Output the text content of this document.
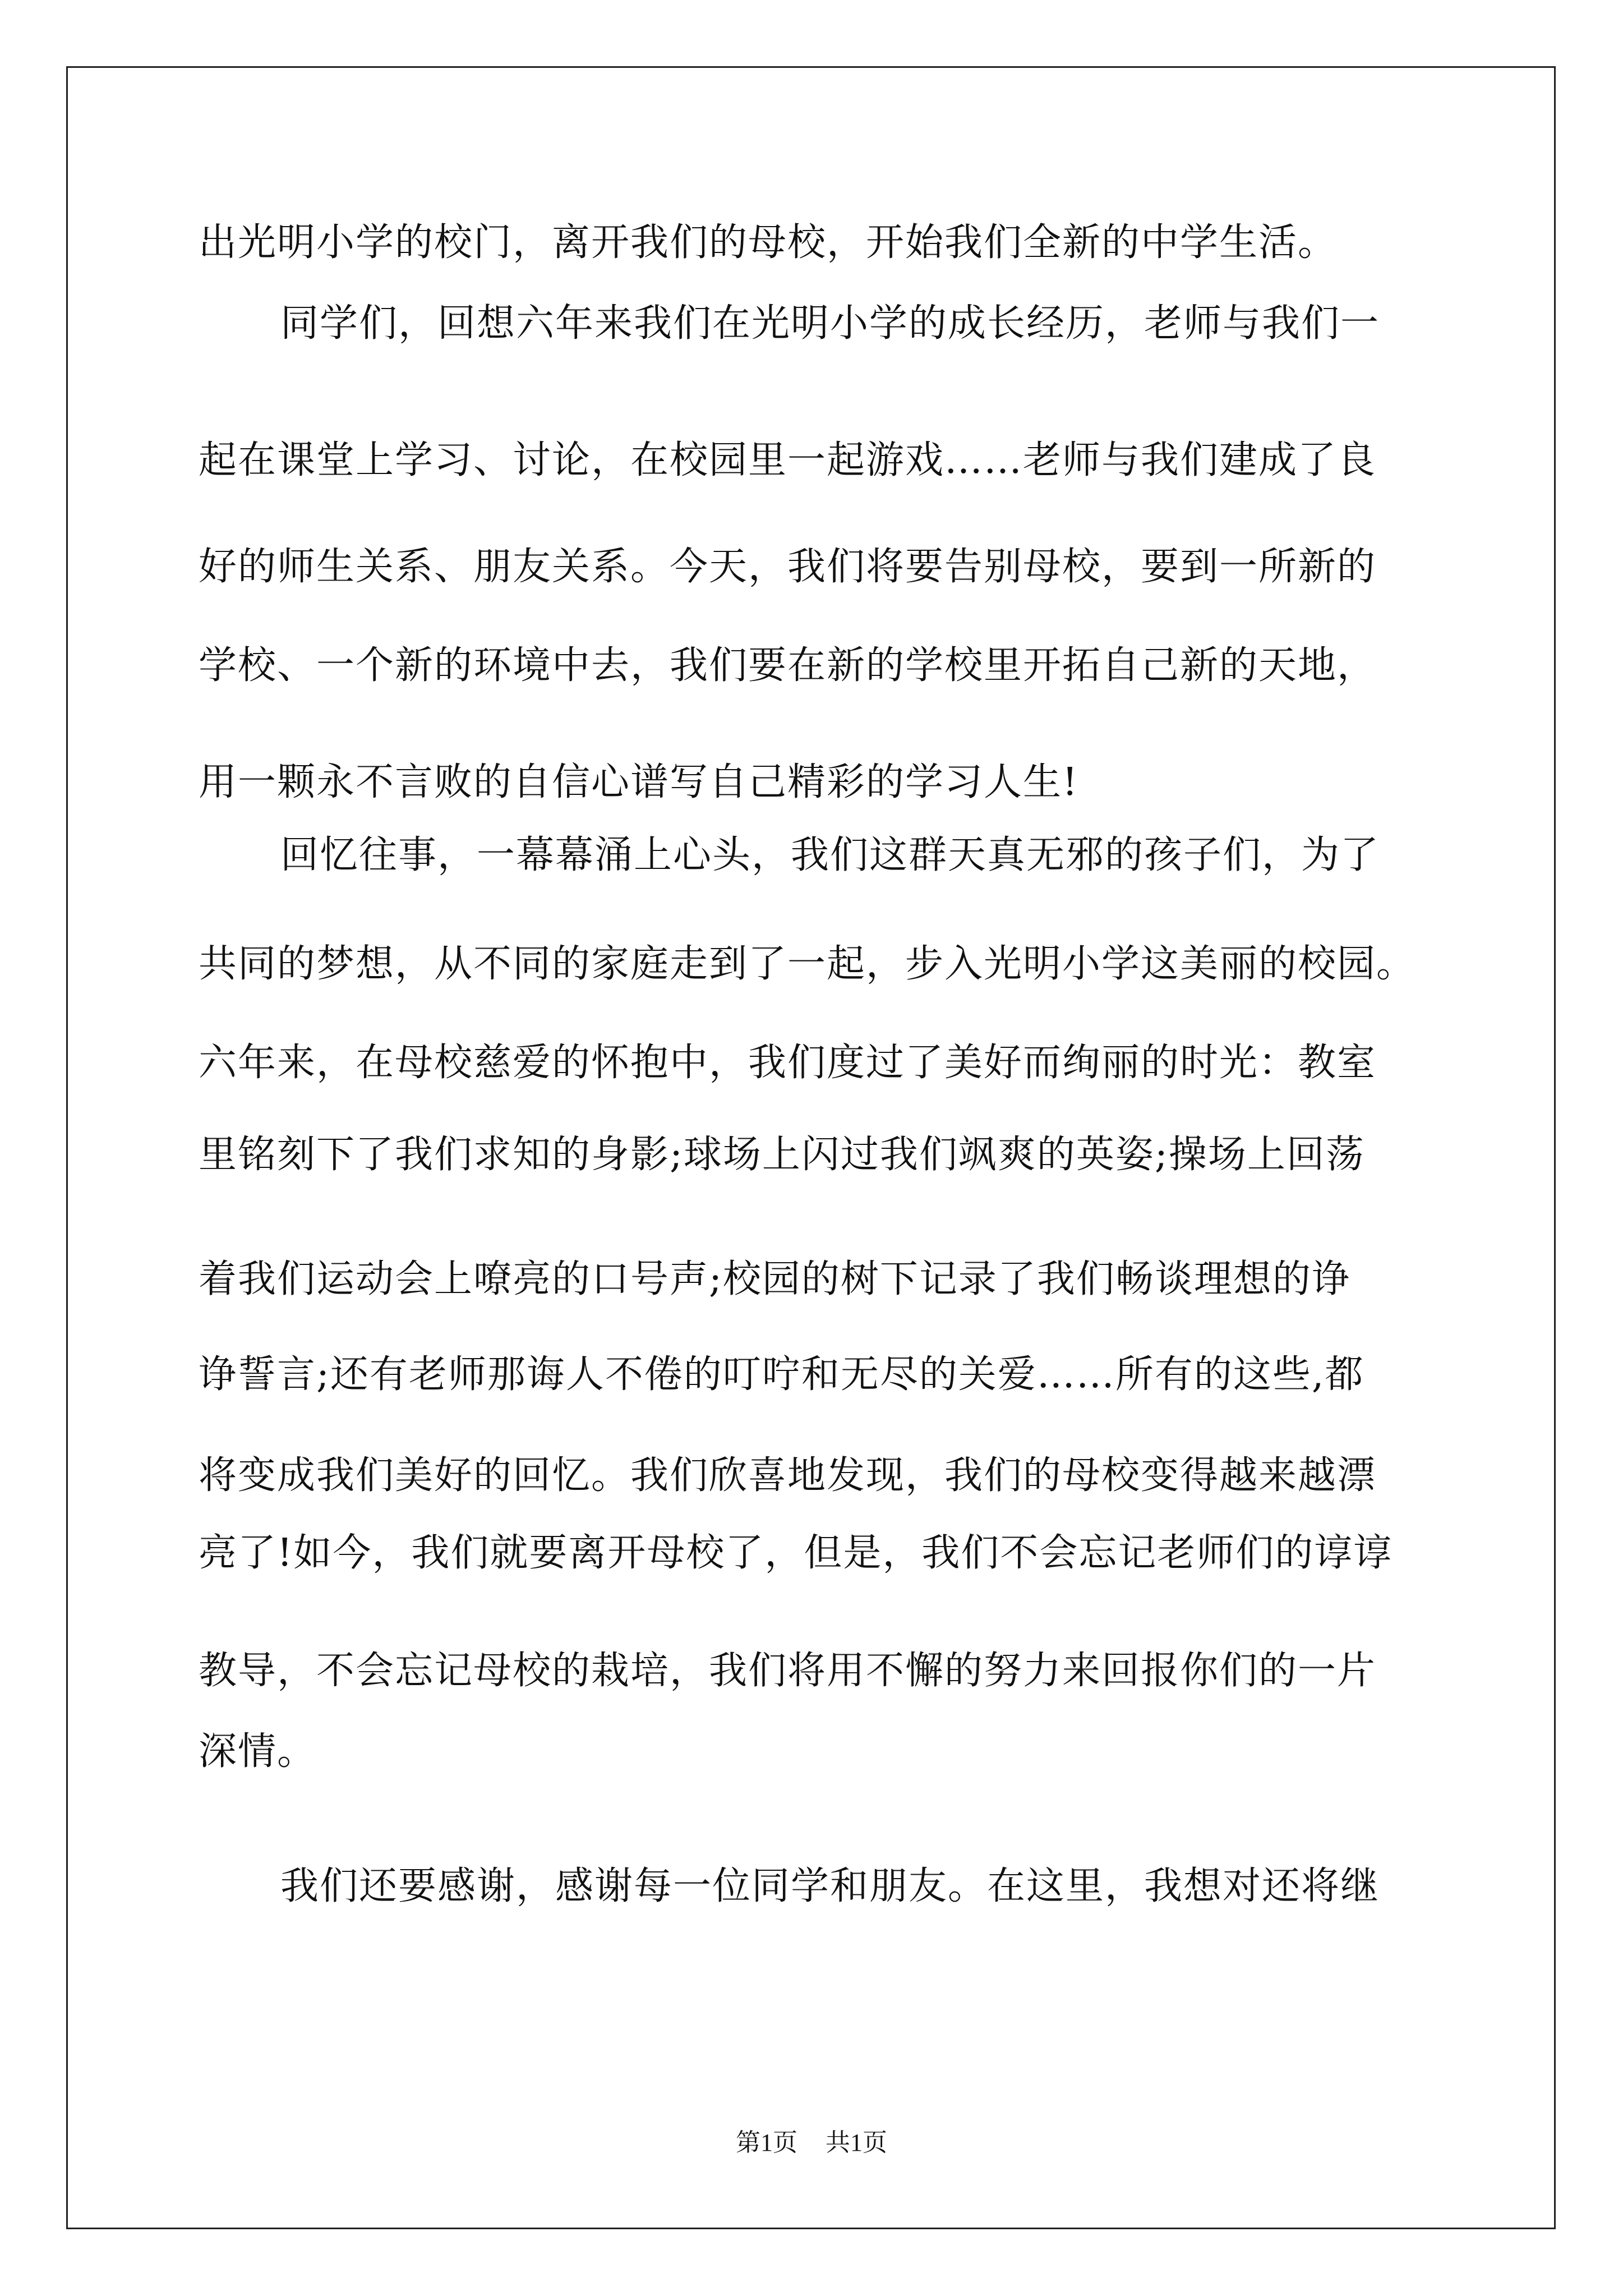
出光明小学的校门，离开我们的母校，开始我们全新的中学生活。
同学们，回想六年来我们在光明小学的成长经历，老师与我们一
起在课堂上学习、讨论，在校园里一起游戏……老师与我们建成了良
好的师生关系、朋友关系。今天，我们将要告别母校，要到一所新的
学校、一个新的环境中去，我们要在新的学校里开拓自己新的天地，
用一颗永不言败的自信心谱写自己精彩的学习人生!
回忆往事，一幕幕涌上心头，我们这群天真无邪的孩子们，为了
共同的梦想，从不同的家庭走到了一起，步入光明小学这美丽的校园。
六年来，在母校慈爱的怀抱中，我们度过了美好而绚丽的时光：教室
里铭刻下了我们求知的身影;球场上闪过我们飒爽的英姿;操场上回荡
着我们运动会上嘹亮的口号声;校园的树下记录了我们畅谈理想的诤
诤誓言;还有老师那诲人不倦的叮咛和无尽的关爱……所有的这些,都
将变成我们美好的回忆。我们欣喜地发现，我们的母校变得越来越漂
亮了!如今，我们就要离开母校了，但是，我们不会忘记老师们的谆谆
教导，不会忘记母校的栽培，我们将用不懈的努力来回报你们的一片
深情。
我们还要感谢，感谢每一位同学和朋友。在这里，我想对还将继
第1页 共1页
